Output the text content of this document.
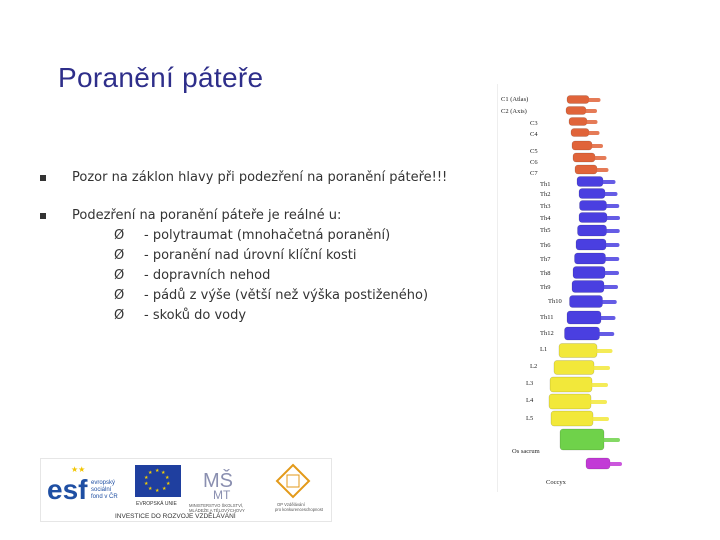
Poranění páteře
Pozor na záklon hlavy při podezření na poranění páteře!!!
Podezření na poranění páteře je reálné u:
Ø - polytraumat (mnohačetná poranění)
Ø - poranění nad úrovní klíční kosti
Ø - dopravních nehod
Ø - pádů z výše (větší než výška postiženého)
Ø - skoků do vody
C1 (Atlas)
C2 (Axis)
C3
C4
C5
C6
C7
Th1
Th2
Th3
Th4
Th5
Th6
Th7
Th8
Th9
Th10
Th11
Th12
L1
L2
L3
L4
L5
Os sacrum
Coccyx
esf
★★
evropský
sociální
fond v ČR
★ ★
★
★
★
★
★
★
★
★
EVROPSKÁ UNIE
MŠ
MT
MINISTERSTVO ŠKOLSTVÍ,
MLÁDEŽE A TĚLOVÝCHOVY
OP Vzdělávání
pro konkurenceschopnost
INVESTICE DO ROZVOJE VZDĚLÁVÁNÍ
